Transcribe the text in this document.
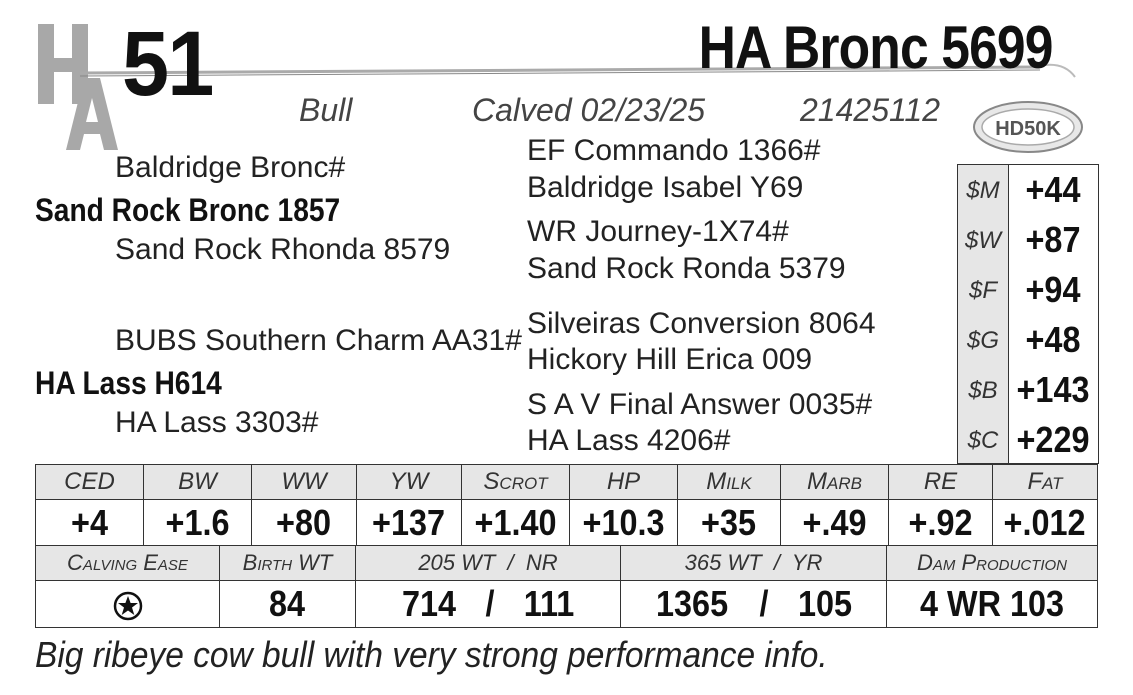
51	HA Bronc 5699
Bull	Calved 02/23/25	21425112
HD50K
Baldridge Bronc#
Sand Rock Bronc 1857
Sand Rock Rhonda 8579
EF Commando 1366#
Baldridge Isabel Y69
WR Journey-1X74#
Sand Rock Ronda 5379
BUBS Southern Charm AA31#
HA Lass H614
HA Lass 3303#
Silveiras Conversion 8064
Hickory Hill Erica 009
S A V Final Answer 0035#
HA Lass 4206#
$M +44
$W +87
$F +94
$G +48
$B +143
$C +229
CED	BW	WW	YW	Scrot	HP	Milk	Marb	RE	Fat
+4	+1.6	+80	+137	+1.40	+10.3	+35	+.49	+.92	+.012
Calving Ease	Birth WT	205 WT  /  NR	365 WT  /  YR	Dam Production
	84	714 / 111	1365 / 105	4 WR 103
Big ribeye cow bull with very strong performance info.
